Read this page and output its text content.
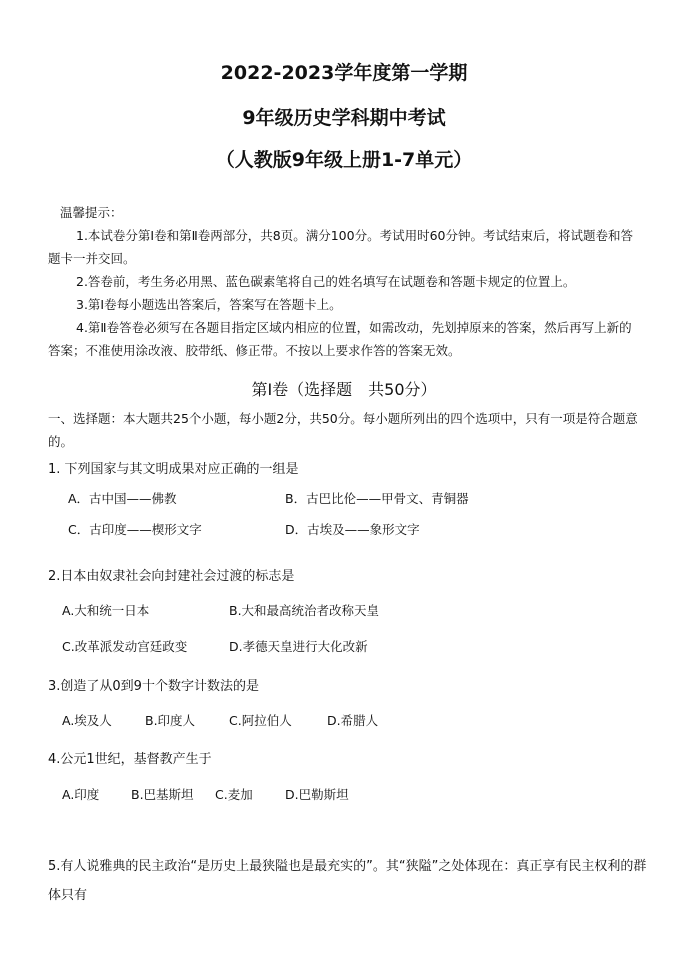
2022-2023学年度第一学期
9年级历史学科期中考试
（人教版9年级上册1-7单元）

温馨提示：

1.本试卷分第Ⅰ卷和第Ⅱ卷两部分，共8页。满分100分。考试用时60分钟。考试结束后，将试题卷和答题卡一并交回。

2.答卷前，考生务必用黑、蓝色碳素笔将自己的姓名填写在试题卷和答题卡规定的位置上。

3.第Ⅰ卷每小题选出答案后，答案写在答题卡上。

4.第Ⅱ卷答卷必须写在各题目指定区域内相应的位置，如需改动，先划掉原来的答案，然后再写上新的答案；不准使用涂改液、胶带纸、修正带。不按以上要求作答的答案无效。

第Ⅰ卷（选择题　共50分）
一、选择题：本大题共25个小题，每小题2分，共50分。每小题所列出的四个选项中，只有一项是符合题意的。
1. 下列国家与其文明成果对应正确的一组是
A．古中国——佛教	B．古巴比伦——甲骨文、青铜器
C．古印度——楔形文字	D．古埃及——象形文字
2.日本由奴隶社会向封建社会过渡的标志是
A.大和统一日本	B.大和最高统治者改称天皇
C.改革派发动宫廷政变	D.孝德天皇进行大化改新
3.创造了从0到9十个数字计数法的是
A.埃及人	B.印度人	C.阿拉伯人	D.希腊人
4.公元1世纪，基督教产生于
A.印度	B.巴基斯坦 C.麦加	D.巴勒斯坦
5.有人说雅典的民主政治“是历史上最狭隘也是最充实的”。其“狭隘”之处体现在：真正享有民主权利的群体只有
